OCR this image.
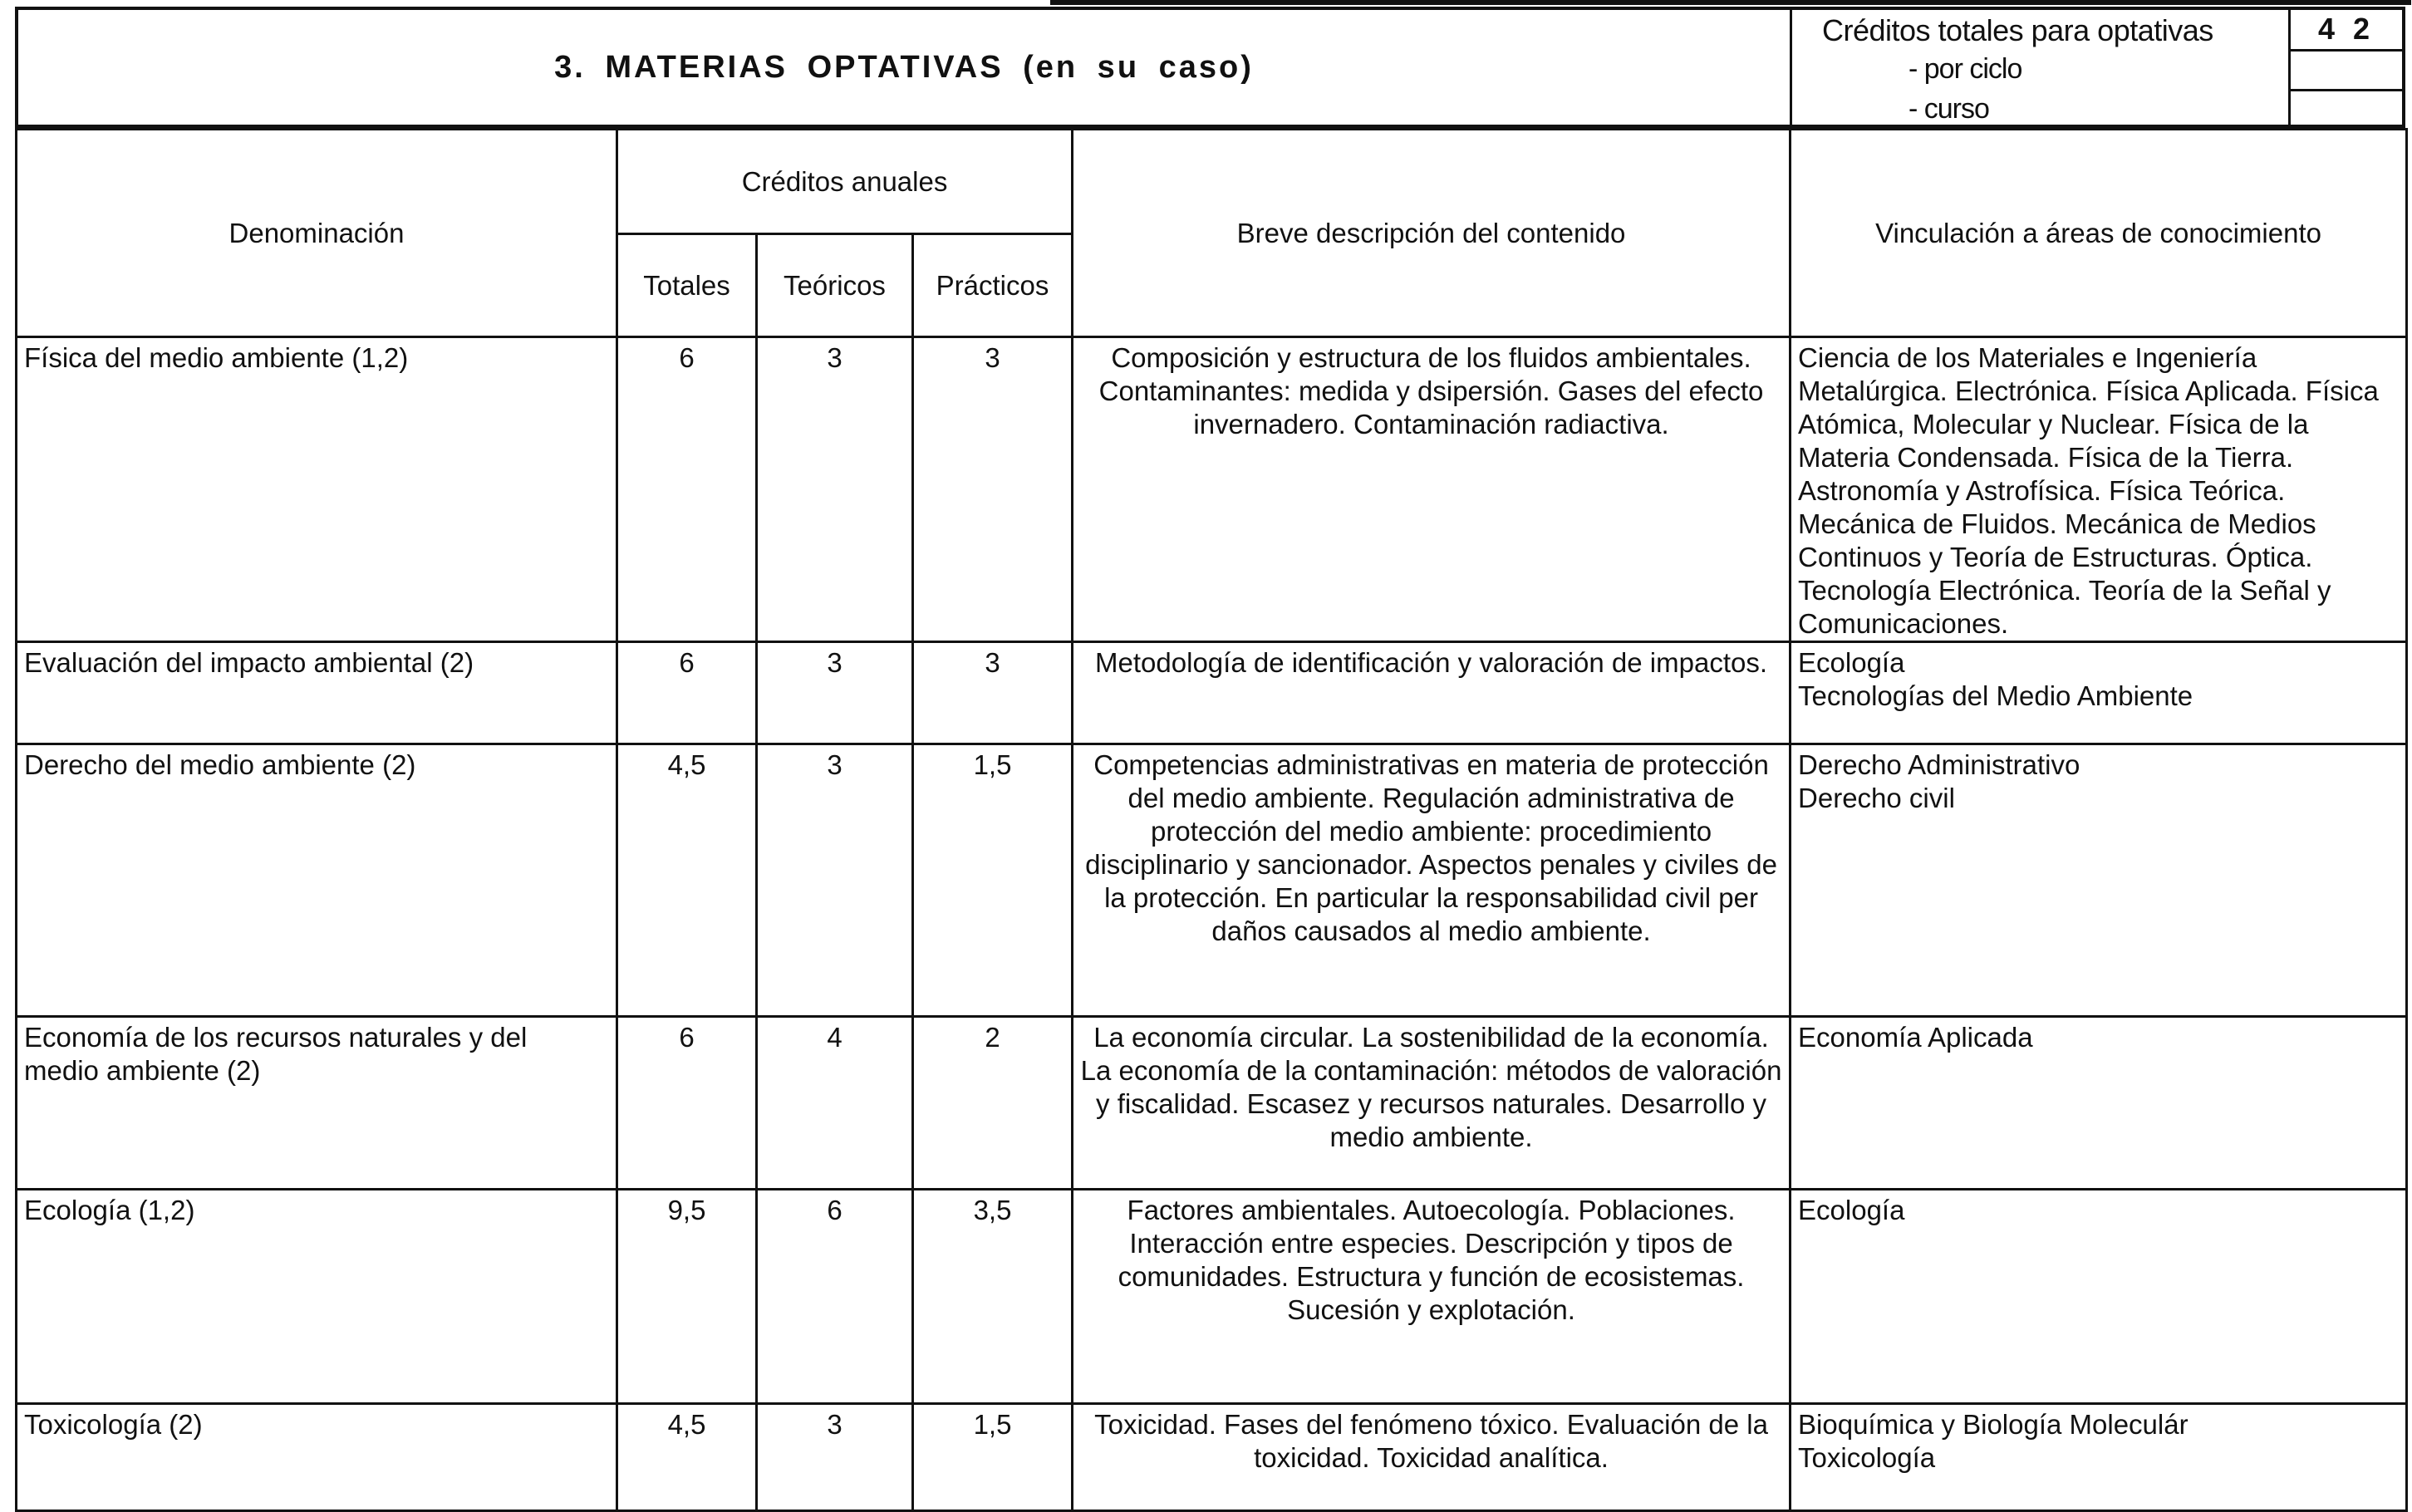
3. MATERIAS OPTATIVAS (en su caso)
Créditos totales para optativas
- por ciclo
- curso
4 2
Denominación	Créditos anuales			Breve descripción del contenido	Vinculación a áreas de conocimiento
	Totales	Teóricos	Prácticos		
Física del medio ambiente (1,2)	6	3	3	Composición y estructura de los fluidos ambientales. Contaminantes: medida y dsipersión. Gases del efecto invernadero. Contaminación radiactiva.	Ciencia de los Materiales e Ingeniería Metalúrgica. Electrónica. Física Aplicada. Física Atómica, Molecular y Nuclear. Física de la Materia Condensada. Física de la Tierra. Astronomía y Astrofísica. Física Teórica. Mecánica de Fluidos. Mecánica de Medios Continuos y Teoría de Estructuras. Óptica. Tecnología Electrónica. Teoría de la Señal y Comunicaciones.
Evaluación del impacto ambiental (2)	6	3	3	Metodología de identificación y valoración de impactos.	Ecología
Tecnologías del Medio Ambiente

Derecho del medio ambiente (2)	4,5	3	1,5	Competencias administrativas en materia de protección del medio ambiente. Regulación administrativa de protección del medio ambiente: procedimiento disciplinario y sancionador. Aspectos penales y civiles de la protección. En particular la responsabilidad civil per daños causados al medio ambiente.	Derecho Administrativo
Derecho civil

Economía de los recursos naturales y del medio ambiente (2)	6	4	2	La economía circular. La sostenibilidad de la economía. La economía de la contaminación: métodos de valoración y fiscalidad. Escasez y recursos naturales. Desarrollo y medio ambiente.	Economía Aplicada

Ecología (1,2)	9,5	6	3,5	Factores ambientales. Autoecología. Poblaciones. Interacción entre especies. Descripción y tipos de comunidades. Estructura y función de ecosistemas. Sucesión y explotación.	Ecología

Toxicología (2)	4,5	3	1,5	Toxicidad. Fases del fenómeno tóxico. Evaluación de la toxicidad. Toxicidad analítica.	Bioquímica y Biología Moleculár
Toxicología
